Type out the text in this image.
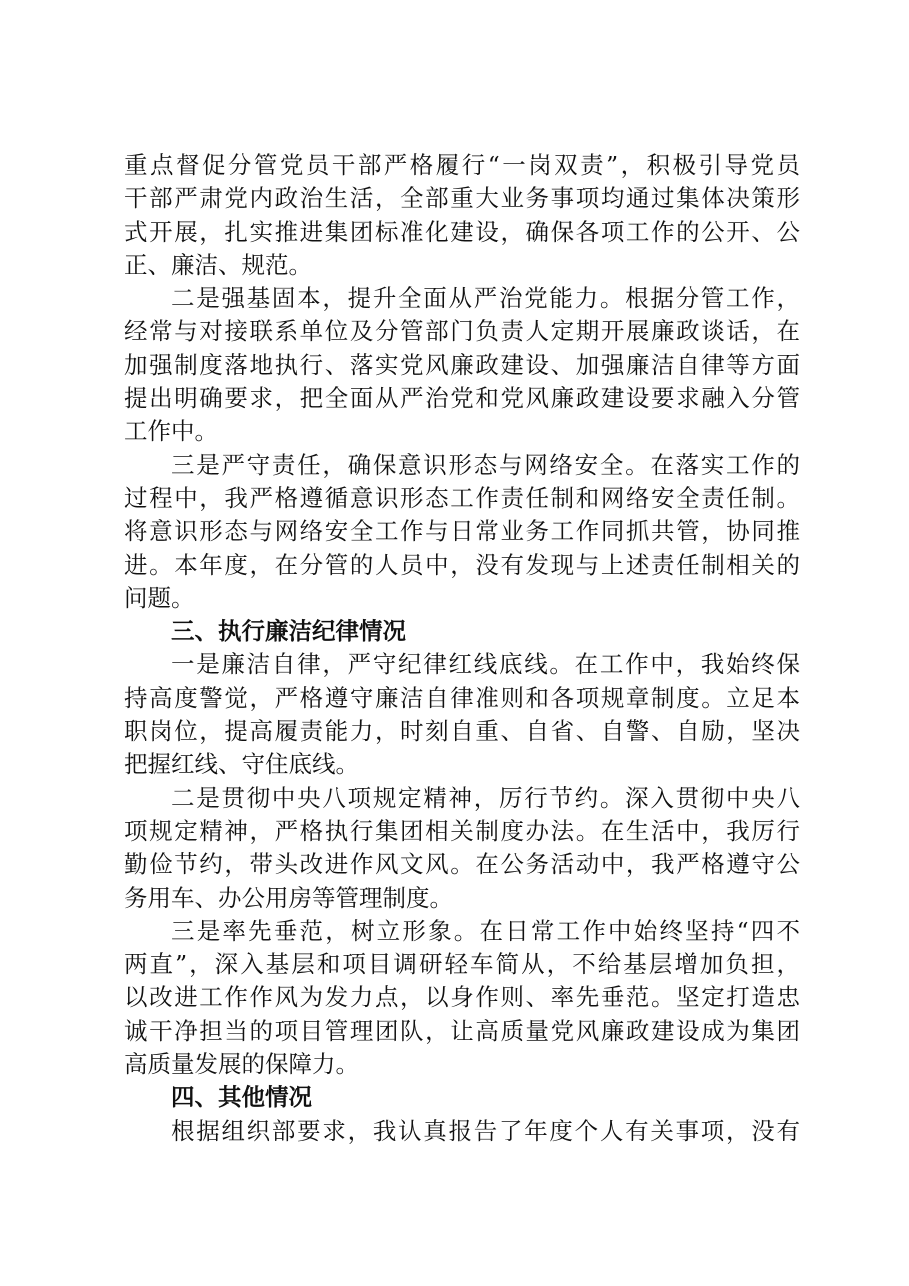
重点督促分管党员干部严格履行“一岗双责”，积极引导党员
干部严肃党内政治生活，全部重大业务事项均通过集体决策形
式开展，扎实推进集团标准化建设，确保各项工作的公开、公
正、廉洁、规范。
二是强基固本，提升全面从严治党能力。根据分管工作，
经常与对接联系单位及分管部门负责人定期开展廉政谈话，在
加强制度落地执行、落实党风廉政建设、加强廉洁自律等方面
提出明确要求，把全面从严治党和党风廉政建设要求融入分管
工作中。
三是严守责任，确保意识形态与网络安全。在落实工作的
过程中，我严格遵循意识形态工作责任制和网络安全责任制。
将意识形态与网络安全工作与日常业务工作同抓共管，协同推
进。本年度，在分管的人员中，没有发现与上述责任制相关的
问题。
三、执行廉洁纪律情况
一是廉洁自律，严守纪律红线底线。在工作中，我始终保
持高度警觉，严格遵守廉洁自律准则和各项规章制度。立足本
职岗位，提高履责能力，时刻自重、自省、自警、自励，坚决
把握红线、守住底线。
二是贯彻中央八项规定精神，厉行节约。深入贯彻中央八
项规定精神，严格执行集团相关制度办法。在生活中，我厉行
勤俭节约，带头改进作风文风。在公务活动中，我严格遵守公
务用车、办公用房等管理制度。
三是率先垂范，树立形象。在日常工作中始终坚持“四不
两直”，深入基层和项目调研轻车简从，不给基层增加负担，
以改进工作作风为发力点，以身作则、率先垂范。坚定打造忠
诚干净担当的项目管理团队，让高质量党风廉政建设成为集团
高质量发展的保障力。
四、其他情况
根据组织部要求，我认真报告了年度个人有关事项，没有
